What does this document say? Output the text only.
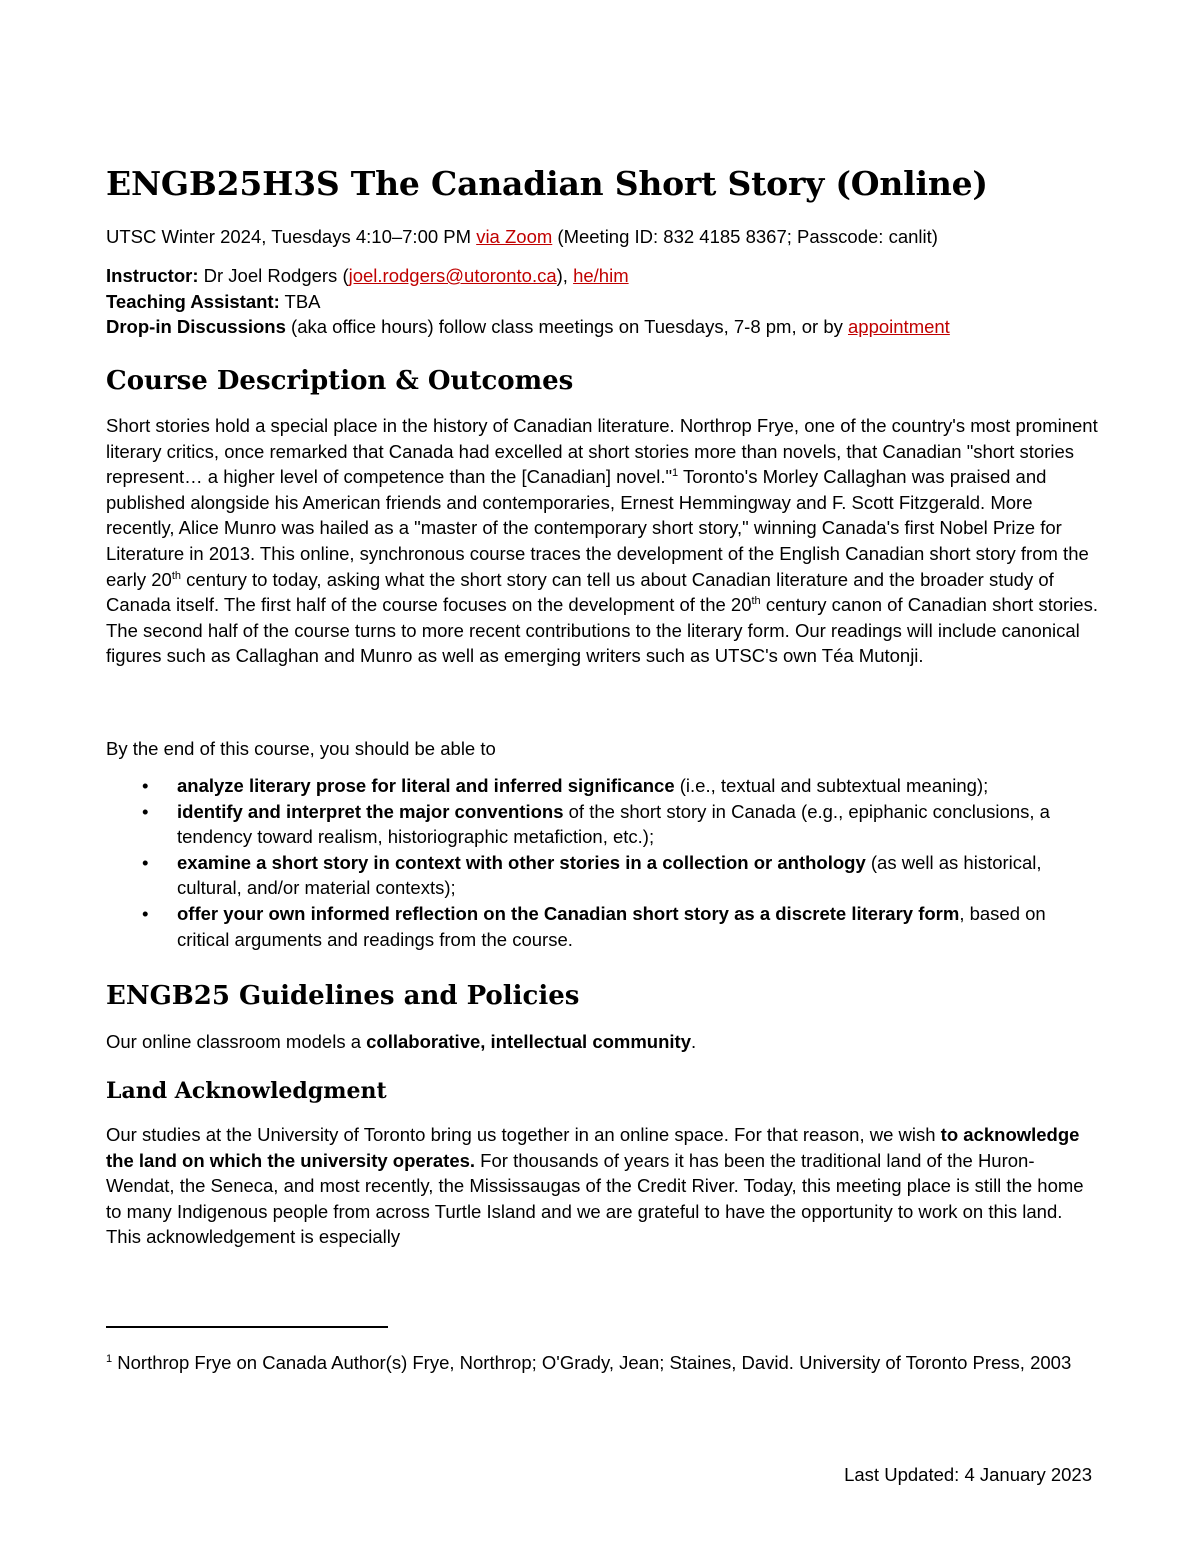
ENGB25H3S The Canadian Short Story (Online)

UTSC Winter 2024, Tuesdays 4:10–7:00 PM via Zoom (Meeting ID: 832 4185 8367; Passcode: canlit)

Instructor: Dr Joel Rodgers (joel.rodgers@utoronto.ca), he/him

Teaching Assistant: TBA

Drop-in Discussions (aka office hours) follow class meetings on Tuesdays, 7-8 pm, or by appointment

Course Description & Outcomes

Short stories hold a special place in the history of Canadian literature. Northrop Frye, one of the country's most prominent literary critics, once remarked that Canada had excelled at short stories more than novels, that Canadian "short stories represent… a higher level of competence than the [Canadian] novel."$^1$ Toronto's Morley Callaghan was praised and published alongside his American friends and contemporaries, Ernest Hemmingway and F. Scott Fitzgerald. More recently, Alice Munro was hailed as a "master of the contemporary short story," winning Canada's first Nobel Prize for Literature in 2013. This online, synchronous course traces the development of the English Canadian short story from the early 20th century to today, asking what the short story can tell us about Canadian literature and the broader study of Canada itself. The first half of the course focuses on the development of the 20th century canon of Canadian short stories. The second half of the course turns to more recent contributions to the literary form. Our readings will include canonical figures such as Callaghan and Munro as well as emerging writers such as UTSC's own Téa Mutonji.

By the end of this course, you should be able to

• analyze literary prose for literal and inferred significance (i.e., textual and subtextual meaning);
• identify and interpret the major conventions of the short story in Canada (e.g., epiphanic conclusions, a tendency toward realism, historiographic metafiction, etc.);
• examine a short story in context with other stories in a collection or anthology (as well as historical, cultural, and/or material contexts);
• offer your own informed reflection on the Canadian short story as a discrete literary form, based on critical arguments and readings from the course.
ENGB25 Guidelines and Policies

Our online classroom models a collaborative, intellectual community.

Land Acknowledgment

Our studies at the University of Toronto bring us together in an online space. For that reason, we wish to acknowledge the land on which the university operates. For thousands of years it has been the traditional land of the Huron-Wendat, the Seneca, and most recently, the Mississaugas of the Credit River. Today, this meeting place is still the home to many Indigenous people from across Turtle Island and we are grateful to have the opportunity to work on this land. This acknowledgement is especially

$^1$ Northrop Frye on Canada Author(s) Frye, Northrop; O'Grady, Jean; Staines, David. University of Toronto Press, 2003

Last Updated: 4 January 2023
